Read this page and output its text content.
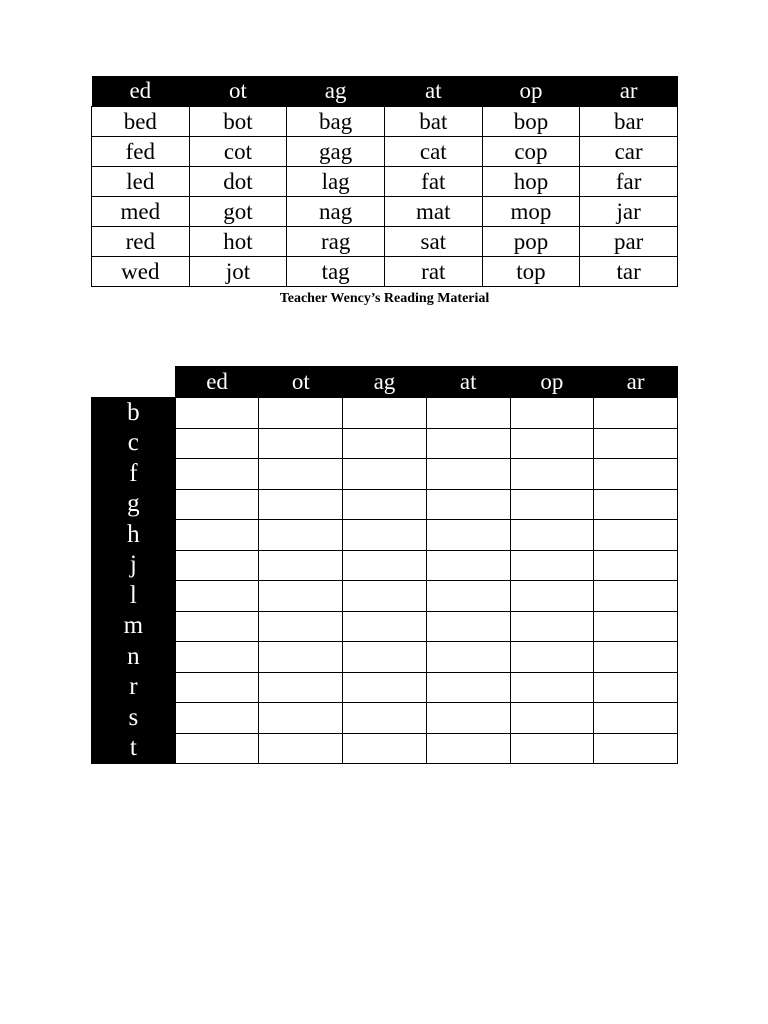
ed	ot	ag	at	op	ar
bed	bot	bag	bat	bop	bar
fed	cot	gag	cat	cop	car
led	dot	lag	fat	hop	far
med	got	nag	mat	mop	jar
red	hot	rag	sat	pop	par
wed	jot	tag	rat	top	tar
Teacher Wency’s Reading Material
	ed	ot	ag	at	op	ar
b						
c						
f						
g						
h						
j						
l						
m						
n						
r						
s						
t						
